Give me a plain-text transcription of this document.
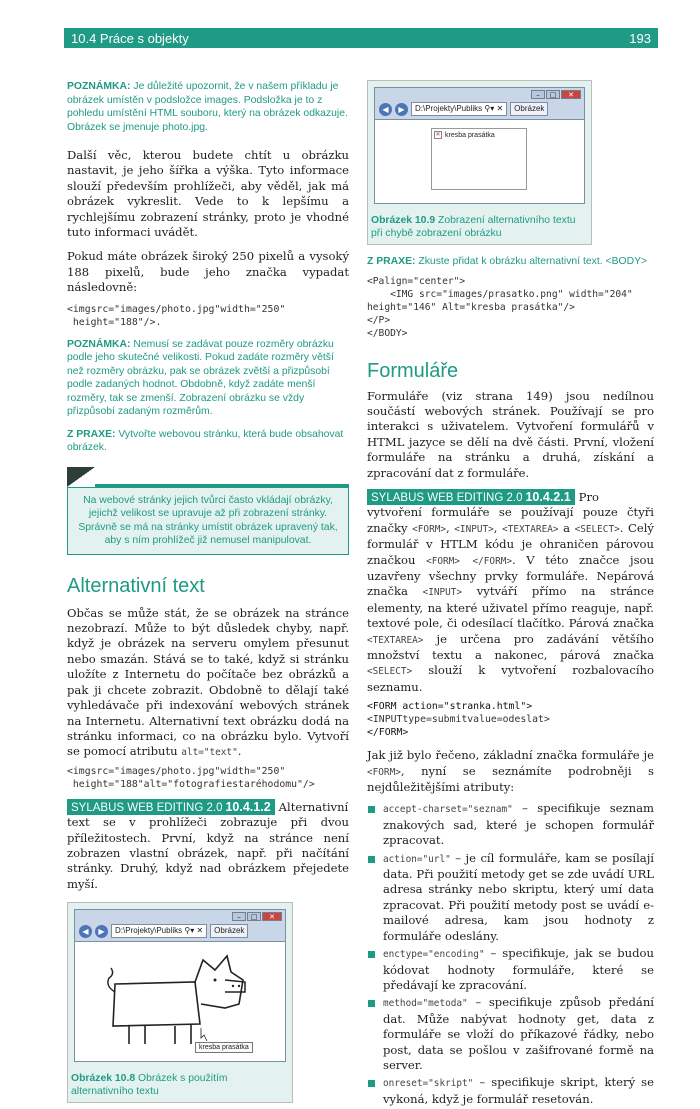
10.4 Práce s objekty	193

POZNÁMKA: Je důležité upozornit, že v našem příkladu je obrázek umístěn v podsložce images. Podsložka je to z pohledu umístění HTML souboru, který na obrázek odkazuje. Obrázek se jmenuje photo.jpg.

Další věc, kterou budete chtít u obrázku nastavit, je jeho šířka a výška. Tyto informace slouží především prohlížeči, aby věděl, jak má obrázek vykreslit. Vede to k lepšímu a rychlejšímu zobrazení stránky, proto je vhodné tuto informaci uvádět.

Pokud máte obrázek široký 250 pixelů a vysoký 188 pixelů, bude jeho značka vypadat následovně:

<imgsrc="images/photo.jpg"width="250"
height="188"/>.

POZNÁMKA: Nemusí se zadávat pouze rozměry obrázku podle jeho skutečné velikosti. Pokud zadáte rozměry větší než rozměry obrázku, pak se obrázek zvětší a přizpůsobí podle zadaných hodnot. Obdobně, když zadáte menší rozměry, tak se zmenší. Zobrazení obrázku se vždy přizpůsobí zadaným rozměrům.

Z PRAXE: Vytvořte webovou stránku, která bude obsahovat obrázek.

Na webové stránky jejich tvůrci často vkládají obrázky, jejichž velikost se upravuje až při zobrazení stránky. Správně se má na stránky umístit obrázek upravený tak, aby s ním prohlížeč již nemusel manipulovat.
Alternativní text

Občas se může stát, že se obrázek na stránce nezobrazí. Může to být důsledek chyby, např. když je obrázek na serveru omylem přesunut nebo smazán. Stává se to také, když si stránku uložíte z Internetu do počítače bez obrázků a pak ji chcete zobrazit. Obdobně to dělají také vyhledávače při indexování webových stránek na Internetu. Alternativní text obrázku dodá na stránku informaci, co na obrázku bylo. Vytvoří se pomocí atributu alt="text".

<imgsrc="images/photo.jpg"width="250"
height="188"alt="fotografiestaréhodomu"/>

SYLABUS WEB EDITING 2.0 10.4.1.2 Alternativní text se v prohlížeči zobrazuje při dvou příležitostech. První, když na stránce není zobrazen vlastní obrázek, např. při načítání stránky. Druhý, když nad obrázkem přejedete myší.

–	□	✕
◀	▶	D:\Projekty\Publiks ⚲▾ ✕	Obrázek
kresba prasátka
Obrázek 10.8 Obrázek s použitím alternativního textu
–	□	✕
◀	▶	D:\Projekty\Publiks ⚲▾ ✕	Obrázek
✕ kresba prasátka
Obrázek 10.9 Zobrazení alternativního textu při chybě zobrazení obrázku

Z PRAXE: Zkuste přidat k obrázku alternativní text. <BODY>

<Palign="center">
<IMG src="images/prasatko.png" width="204"
height="146" Alt="kresba prasátka"/>
</P>
</BODY>
Formuláře

Formuláře (viz strana 149) jsou nedílnou součástí webových stránek. Používají se pro interakci s uživatelem. Vytvoření formulářů v HTML jazyce se dělí na dvě části. První, vložení formuláře na stránku a druhá, získání a zpracování dat z formuláře.

SYLABUS WEB EDITING 2.0 10.4.2.1 Pro vytvoření formuláře se používají pouze čtyři značky <FORM>, <INPUT>, <TEXTAREA> a <SELECT>. Celý formulář v HTLM kódu je ohraničen párovou značkou <FORM> </FORM>. V této značce jsou uzavřeny všechny prvky formuláře. Nepárová značka <INPUT> vytváří přímo na stránce elementy, na které uživatel přímo reaguje, např. textové pole, či odesílací tlačítko. Párová značka <TEXTAREA> je určena pro zadávání většího množství textu a nakonec, párová značka <SELECT> slouží k vytvoření rozbalovacího seznamu.

<FORM action="stranka.html">
<INPUTtype=submitvalue=odeslat>
</FORM>

Jak již bylo řečeno, základní značka formuláře je <FORM>, nyní se seznámíte podrobněji s nejdůležitějšími atributy:

accept-charset="seznam" – specifikuje seznam znakových sad, které je schopen formulář zpracovat.
action="url" – je cíl formuláře, kam se posílají data. Při použití metody get se zde uvádí URL adresa stránky nebo skriptu, který umí data zpracovat. Při použití metody post se uvádí e-mailové adresa, kam jsou hodnoty z formuláře odeslány.
enctype="encoding" – specifikuje, jak se budou kódovat hodnoty formuláře, které se předávají ke zpracování.
method="metoda" – specifikuje způsob předání dat. Může nabývat hodnoty get, data z formuláře se vloží do příkazové řádky, nebo post, data se pošlou v zašifrované formě na server.
onreset="skript" – specifikuje skript, který se vykoná, když je formulář resetován.
